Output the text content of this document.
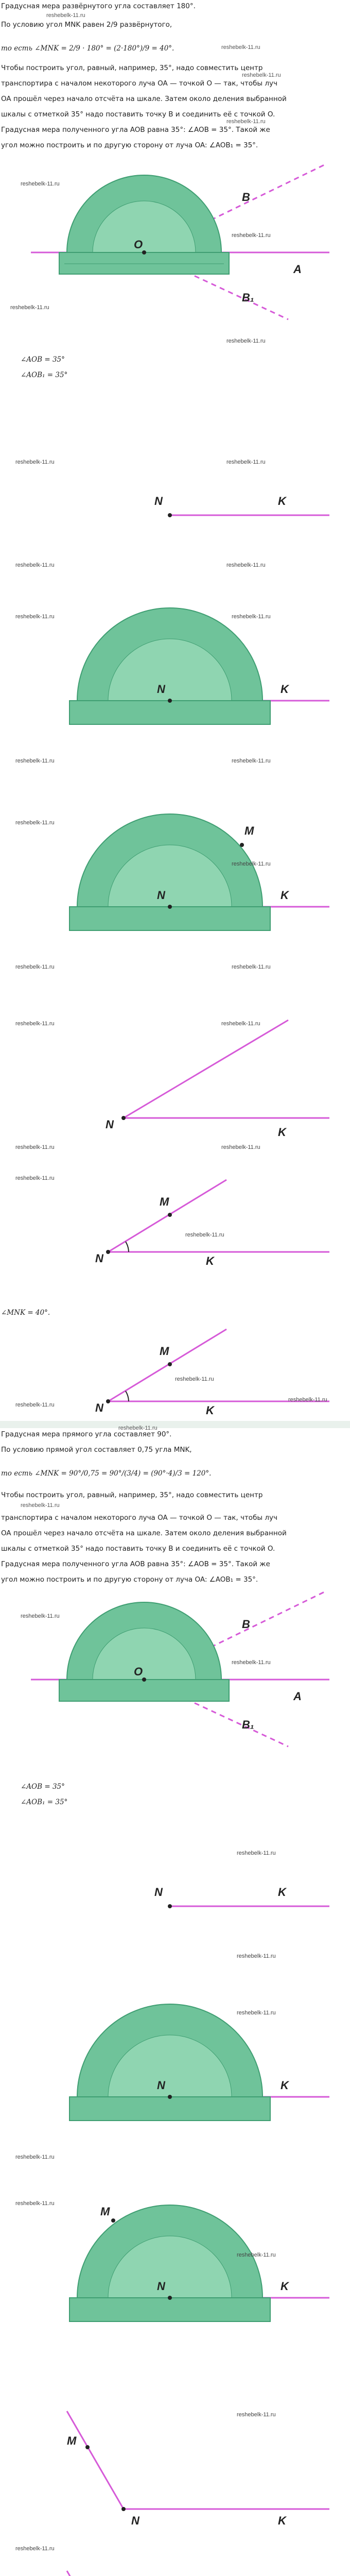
Градусная мера развёрнутого угла составляет 180°.
reshebelk-11.ru
По условию угол MNK равен 2/9 развёрнутого,
то есть ∠MNK = 2/9 · 180° = (2·180°)/9 = 40°.	reshebelk-11.ru
Чтобы построить угол, равный, например, 35°, надо совместить центр
reshebelk-11.ru
транспортира с началом некоторого луча OA — точкой O — так, чтобы луч
OA прошёл через начало отсчёта на шкале. Затем около деления выбранной
шкалы с отметкой 35° надо поставить точку B и соединить её с точкой O.
reshebelk-11.ru
Градусная мера полученного угла AOB равна 35°: ∠AOB = 35°. Такой же
угол можно построить и по другую сторону от луча OA: ∠AOB₁ = 35°.
O
A
B
B₁
reshebelk-11.ru
reshebelk-11.ru
reshebelk-11.ru
reshebelk-11.ru
∠AOB = 35°
∠AOB₁ = 35°
N	K
reshebelk-11.ru	reshebelk-11.ru
reshebelk-11.ru	reshebelk-11.ru
N	K
reshebelk-11.ru	reshebelk-11.ru
reshebelk-11.ru	reshebelk-11.ru
M
N	K
reshebelk-11.ru
reshebelk-11.ru
reshebelk-11.ru	reshebelk-11.ru
N
K
reshebelk-11.ru	reshebelk-11.ru
reshebelk-11.ru	reshebelk-11.ru
M
N	K
reshebelk-11.ru
reshebelk-11.ru
∠MNK = 40°.
M
N	K
reshebelk-11.ru
reshebelk-11.ru
reshebelk-11.ru
Градусная мера прямого угла составляет 90°.
reshebelk-11.ru
По условию прямой угол составляет 0,75 угла MNK,
то есть ∠MNK = 90°/0,75 = 90°/(3/4) = (90°·4)/3 = 120°.
Чтобы построить угол, равный, например, 35°, надо совместить центр
reshebelk-11.ru
транспортира с началом некоторого луча OA — точкой O — так, чтобы луч
OA прошёл через начало отсчёта на шкале. Затем около деления выбранной
шкалы с отметкой 35° надо поставить точку B и соединить её с точкой O.
Градусная мера полученного угла AOB равна 35°: ∠AOB = 35°. Такой же
угол можно построить и по другую сторону от луча OA: ∠AOB₁ = 35°.
O
A
B
B₁
reshebelk-11.ru
reshebelk-11.ru
∠AOB = 35°
∠AOB₁ = 35°
N	K
reshebelk-11.ru
reshebelk-11.ru
N	K
reshebelk-11.ru
reshebelk-11.ru
M
N	K
reshebelk-11.ru
reshebelk-11.ru
M
N	K
reshebelk-11.ru
reshebelk-11.ru
